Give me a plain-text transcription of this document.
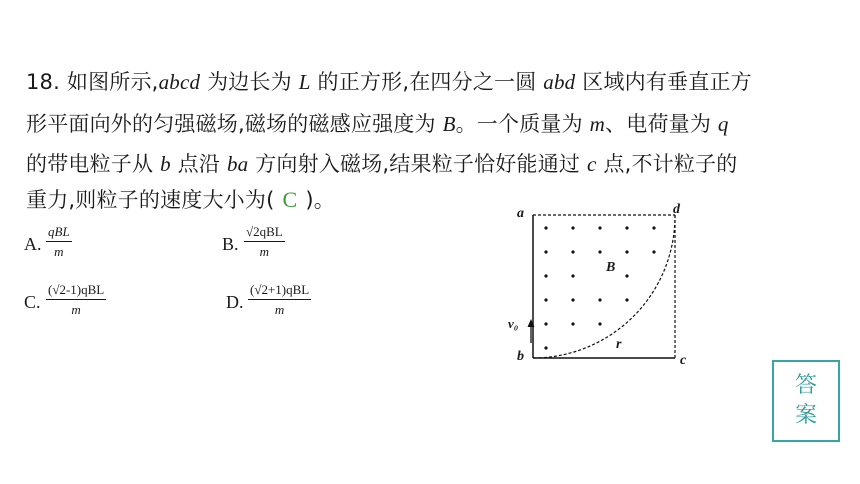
18. 如图所示,abcd 为边长为 L 的正方形,在四分之一圆 abd 区域内有垂直正方
形平面向外的匀强磁场,磁场的磁感应强度为 B。一个质量为 m、电荷量为 q
的带电粒子从 b 点沿 ba 方向射入磁场,结果粒子恰好能通过 c 点,不计粒子的
重力,则粒子的速度大小为( C )。
A.
qBL
m	B.
√2qBL
m
C.
(√2-1)qBL
m	D.
(√2+1)qBL
m
a	d
b	c
v₀
B
r
答
案
